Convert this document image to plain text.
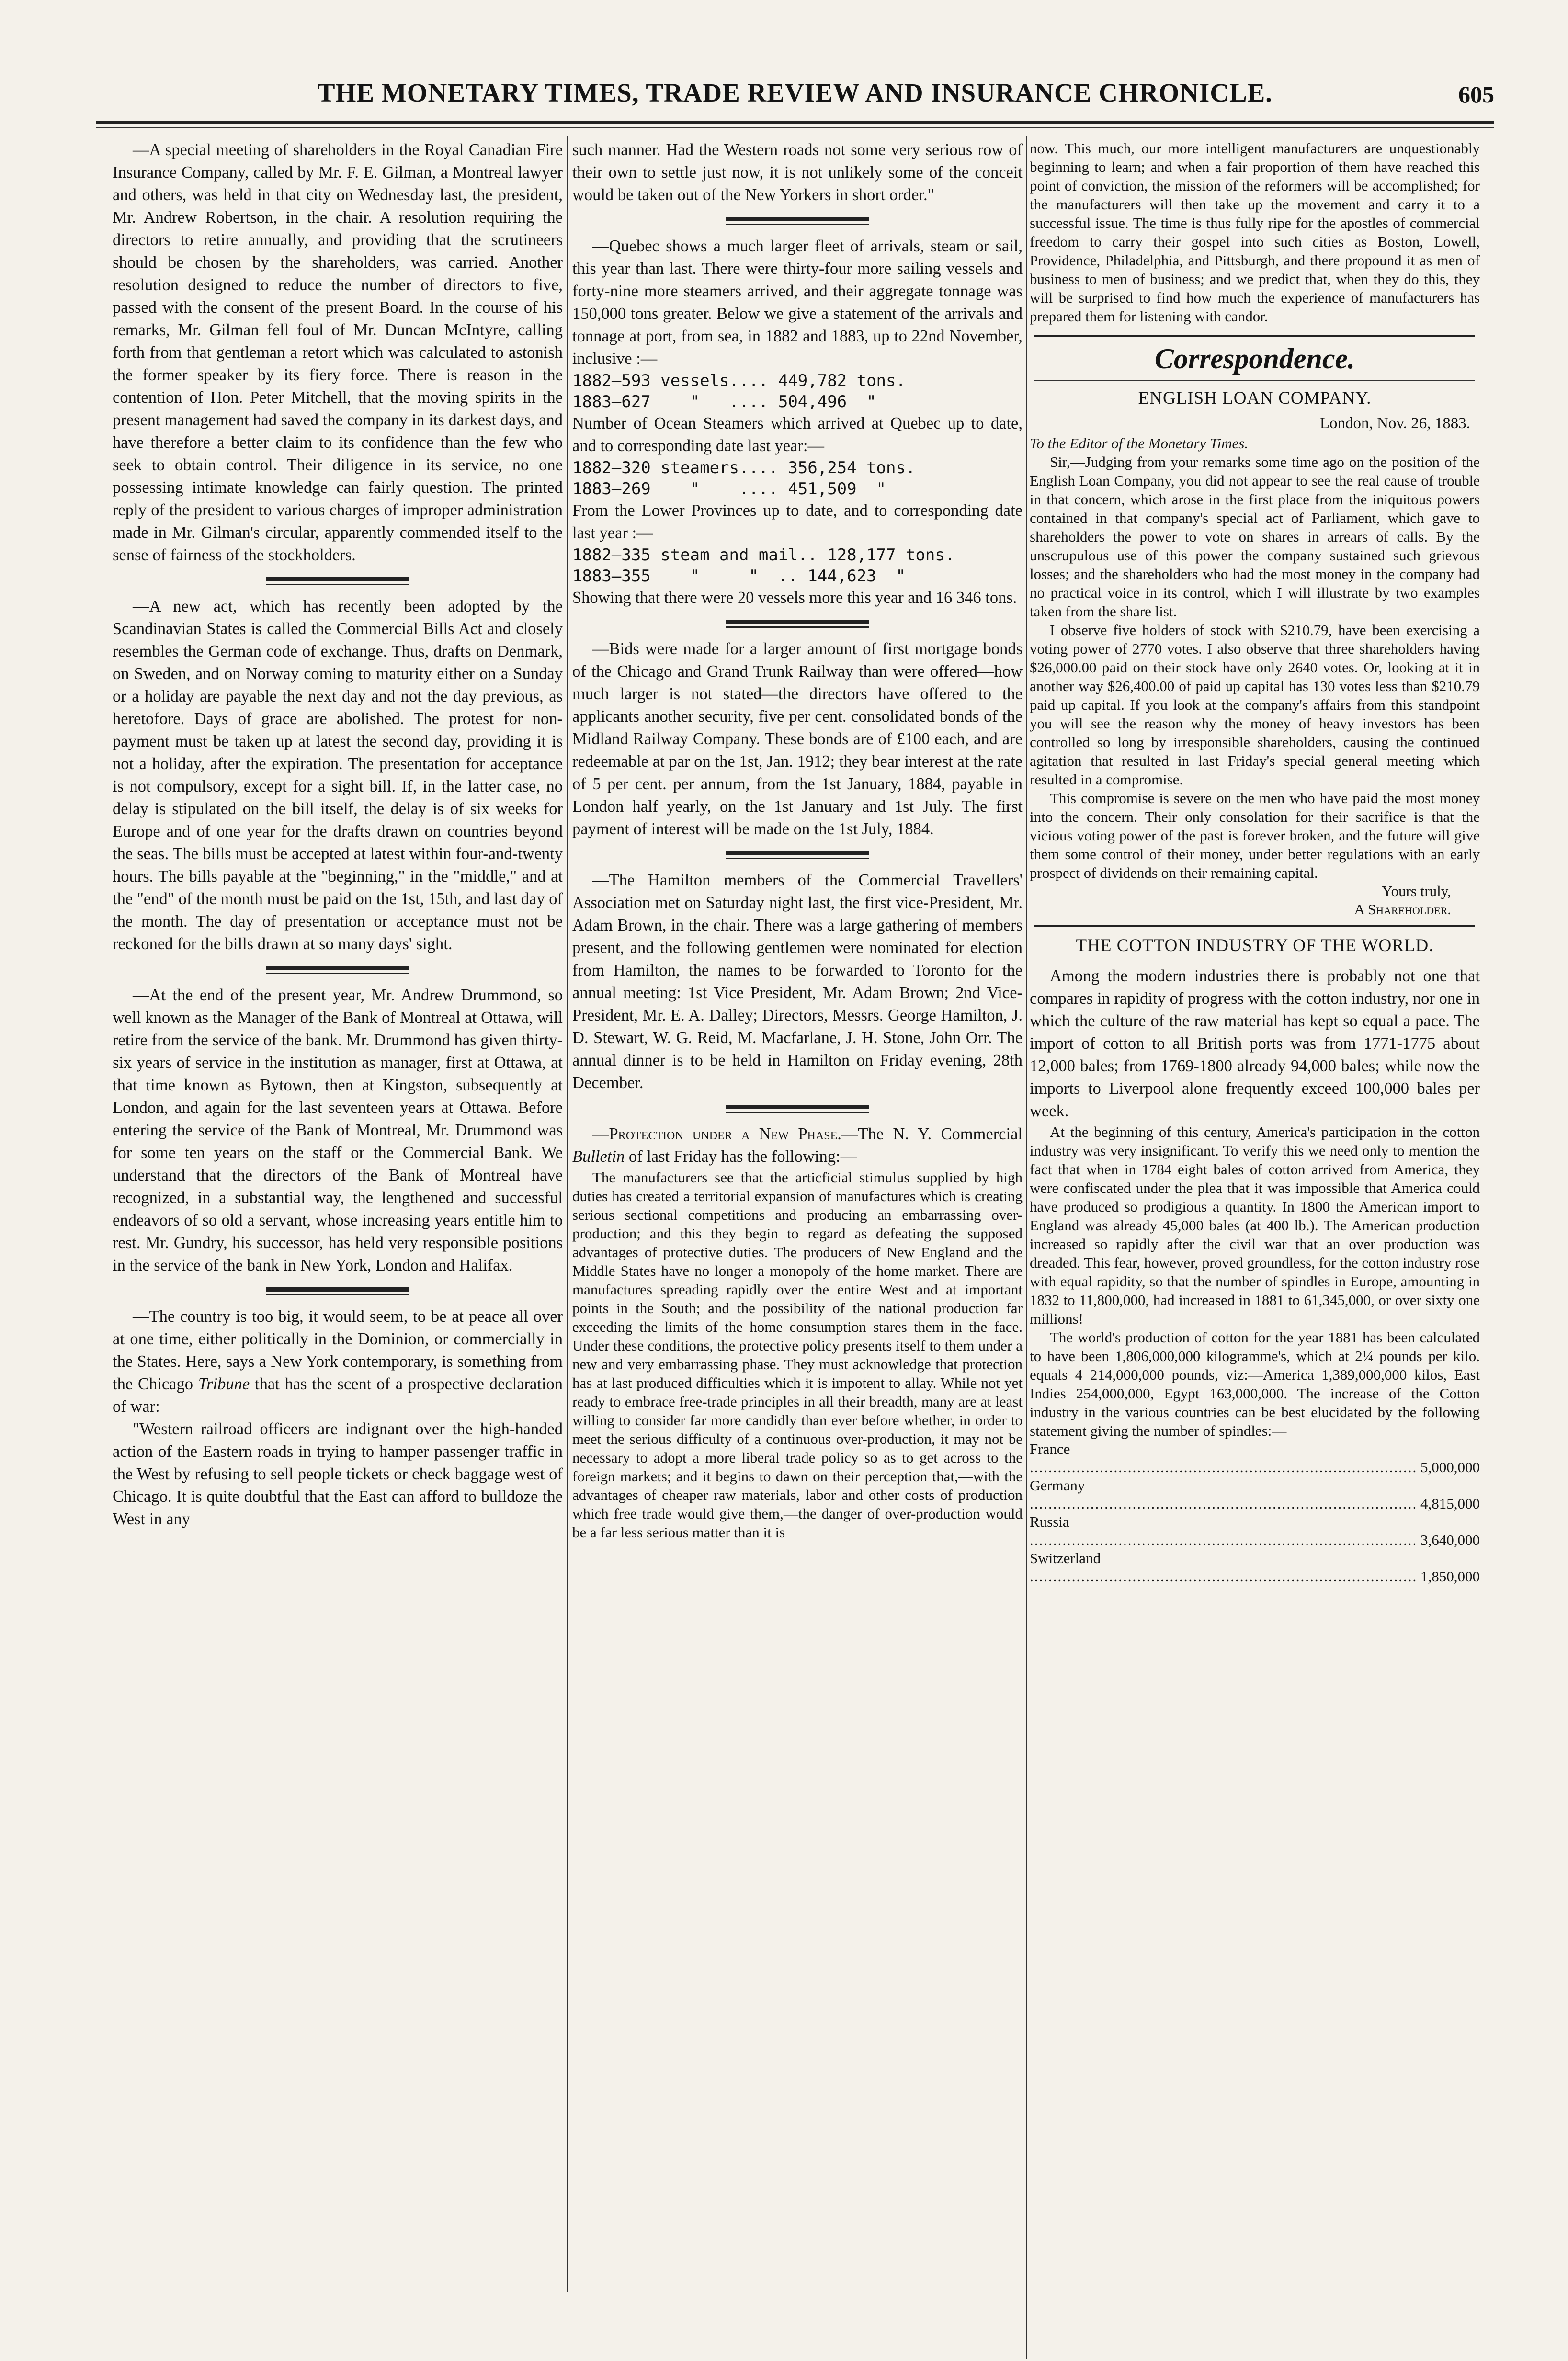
THE MONETARY TIMES, TRADE REVIEW AND INSURANCE CHRONICLE.	605

—A special meeting of shareholders in the Royal Canadian Fire Insurance Company, called by Mr. F. E. Gilman, a Montreal lawyer and others, was held in that city on Wednesday last, the president, Mr. Andrew Robertson, in the chair. A resolution requiring the directors to retire annually, and providing that the scrutineers should be chosen by the shareholders, was carried. Another resolution designed to reduce the number of directors to five, passed with the consent of the present Board. In the course of his remarks, Mr. Gilman fell foul of Mr. Duncan McIntyre, calling forth from that gentleman a retort which was calculated to astonish the former speaker by its fiery force. There is reason in the contention of Hon. Peter Mitchell, that the moving spirits in the present management had saved the company in its darkest days, and have therefore a better claim to its confidence than the few who seek to obtain control. Their diligence in its service, no one possessing intimate knowledge can fairly question. The printed reply of the president to various charges of improper administration made in Mr. Gilman's circular, apparently commended itself to the sense of fairness of the stockholders.

—A new act, which has recently been adopted by the Scandinavian States is called the Commercial Bills Act and closely resembles the German code of exchange. Thus, drafts on Denmark, on Sweden, and on Norway coming to maturity either on a Sunday or a holiday are payable the next day and not the day previous, as heretofore. Days of grace are abolished. The protest for non-payment must be taken up at latest the second day, providing it is not a holiday, after the expiration. The presentation for acceptance is not compulsory, except for a sight bill. If, in the latter case, no delay is stipulated on the bill itself, the delay is of six weeks for Europe and of one year for the drafts drawn on countries beyond the seas. The bills must be accepted at latest within four-and-twenty hours. The bills payable at the "beginning," in the "middle," and at the "end" of the month must be paid on the 1st, 15th, and last day of the month. The day of presentation or acceptance must not be reckoned for the bills drawn at so many days' sight.

—At the end of the present year, Mr. Andrew Drummond, so well known as the Manager of the Bank of Montreal at Ottawa, will retire from the service of the bank. Mr. Drummond has given thirty-six years of service in the institution as manager, first at Ottawa, at that time known as Bytown, then at Kingston, subsequently at London, and again for the last seventeen years at Ottawa. Before entering the service of the Bank of Montreal, Mr. Drummond was for some ten years on the staff or the Commercial Bank. We understand that the directors of the Bank of Montreal have recognized, in a substantial way, the lengthened and successful endeavors of so old a servant, whose increasing years entitle him to rest. Mr. Gundry, his successor, has held very responsible positions in the service of the bank in New York, London and Halifax.

—The country is too big, it would seem, to be at peace all over at one time, either politically in the Dominion, or commercially in the States. Here, says a New York contemporary, is something from the Chicago Tribune that has the scent of a prospective declaration of war:

"Western railroad officers are indignant over the high-handed action of the Eastern roads in trying to hamper passenger traffic in the West by refusing to sell people tickets or check baggage west of Chicago. It is quite doubtful that the East can afford to bulldoze the West in any

such manner. Had the Western roads not some very serious row of their own to settle just now, it is not unlikely some of the conceit would be taken out of the New Yorkers in short order."

—Quebec shows a much larger fleet of arrivals, steam or sail, this year than last. There were thirty-four more sailing vessels and forty-nine more steamers arrived, and their aggregate tonnage was 150,000 tons greater. Below we give a statement of the arrivals and tonnage at port, from sea, in 1882 and 1883, up to 22nd November, inclusive :—

1882—593 vessels.... 449,782 tons.
1883—627    "   .... 504,496  "

Number of Ocean Steamers which arrived at Quebec up to date, and to corresponding date last year:—

1882—320 steamers.... 356,254 tons.
1883—269    "    .... 451,509  "

From the Lower Provinces up to date, and to corresponding date last year :—

1882—335 steam and mail.. 128,177 tons.
1883—355    "     "  .. 144,623  "

Showing that there were 20 vessels more this year and 16 346 tons.

—Bids were made for a larger amount of first mortgage bonds of the Chicago and Grand Trunk Railway than were offered—how much larger is not stated—the directors have offered to the applicants another security, five per cent. consolidated bonds of the Midland Railway Company. These bonds are of £100 each, and are redeemable at par on the 1st, Jan. 1912; they bear interest at the rate of 5 per cent. per annum, from the 1st January, 1884, payable in London half yearly, on the 1st January and 1st July. The first payment of interest will be made on the 1st July, 1884.

—The Hamilton members of the Commercial Travellers' Association met on Saturday night last, the first vice-President, Mr. Adam Brown, in the chair. There was a large gathering of members present, and the following gentlemen were nominated for election from Hamilton, the names to be forwarded to Toronto for the annual meeting: 1st Vice President, Mr. Adam Brown; 2nd Vice-President, Mr. E. A. Dalley; Directors, Messrs. George Hamilton, J. D. Stewart, W. G. Reid, M. Macfarlane, J. H. Stone, John Orr. The annual dinner is to be held in Hamilton on Friday evening, 28th December.

—Protection under a New Phase.—The N. Y. Commercial Bulletin of last Friday has the following:—

The manufacturers see that the articficial stimulus supplied by high duties has created a territorial expansion of manufactures which is creating serious sectional competitions and producing an embarrassing over-production; and this they begin to regard as defeating the supposed advantages of protective duties. The producers of New England and the Middle States have no longer a monopoly of the home market. There are manufactures spreading rapidly over the entire West and at important points in the South; and the possibility of the national production far exceeding the limits of the home consumption stares them in the face. Under these conditions, the protective policy presents itself to them under a new and very embarrassing phase. They must acknowledge that protection has at last produced difficulties which it is impotent to allay. While not yet ready to embrace free-trade principles in all their breadth, many are at least willing to consider far more candidly than ever before whether, in order to meet the serious difficulty of a continuous over-production, it may not be necessary to adopt a more liberal trade policy so as to get across to the foreign markets; and it begins to dawn on their perception that,—with the advantages of cheaper raw materials, labor and other costs of production which free trade would give them,—the danger of over-production would be a far less serious matter than it is

now. This much, our more intelligent manufacturers are unquestionably beginning to learn; and when a fair proportion of them have reached this point of conviction, the mission of the reformers will be accomplished; for the manufacturers will then take up the movement and carry it to a successful issue. The time is thus fully ripe for the apostles of commercial freedom to carry their gospel into such cities as Boston, Lowell, Providence, Philadelphia, and Pittsburgh, and there propound it as men of business to men of business; and we predict that, when they do this, they will be surprised to find how much the experience of manufacturers has prepared them for listening with candor.

Correspondence.

ENGLISH LOAN COMPANY.

London, Nov. 26, 1883.

To the Editor of the Monetary Times.

Sir,—Judging from your remarks some time ago on the position of the English Loan Company, you did not appear to see the real cause of trouble in that concern, which arose in the first place from the iniquitous powers contained in that company's special act of Parliament, which gave to shareholders the power to vote on shares in arrears of calls. By the unscrupulous use of this power the company sustained such grievous losses; and the shareholders who had the most money in the company had no practical voice in its control, which I will illustrate by two examples taken from the share list.

I observe five holders of stock with $210.79, have been exercising a voting power of 2770 votes. I also observe that three shareholders having $26,000.00 paid on their stock have only 2640 votes. Or, looking at it in another way $26,400.00 of paid up capital has 130 votes less than $210.79 paid up capital. If you look at the company's affairs from this standpoint you will see the reason why the money of heavy investors has been controlled so long by irresponsible shareholders, causing the continued agitation that resulted in last Friday's special general meeting which resulted in a compromise.

This compromise is severe on the men who have paid the most money into the concern. Their only consolation for their sacrifice is that the vicious voting power of the past is forever broken, and the future will give them some control of their money, under better regulations with an early prospect of dividends on their remaining capital.

Yours truly,

A Shareholder.

THE COTTON INDUSTRY OF THE WORLD.

Among the modern industries there is probably not one that compares in rapidity of progress with the cotton industry, nor one in which the culture of the raw material has kept so equal a pace. The import of cotton to all British ports was from 1771-1775 about 12,000 bales; from 1769-1800 already 94,000 bales; while now the imports to Liverpool alone frequently exceed 100,000 bales per week.

At the beginning of this century, America's participation in the cotton industry was very insignificant. To verify this we need only to mention the fact that when in 1784 eight bales of cotton arrived from America, they were confiscated under the plea that it was impossible that America could have produced so prodigious a quantity. In 1800 the American import to England was already 45,000 bales (at 400 lb.). The American production increased so rapidly after the civil war that an over production was dreaded. This fear, however, proved groundless, for the cotton industry rose with equal rapidity, so that the number of spindles in Europe, amounting in 1832 to 11,800,000, had increased in 1881 to 61,345,000, or over sixty one millions!

The world's production of cotton for the year 1881 has been calculated to have been 1,806,000,000 kilogramme's, which at 2¼ pounds per kilo. equals 4 214,000,000 pounds, viz:—America 1,389,000,000 kilos, East Indies 254,000,000, Egypt 163,000,000. The increase of the Cotton industry in the various countries can be best elucidated by the following statement giving the number of spindles:—

France .....	5,000,000
Germany .....	4,815,000
Russia .....	3,640,000
Switzerland .....	1,850,000
